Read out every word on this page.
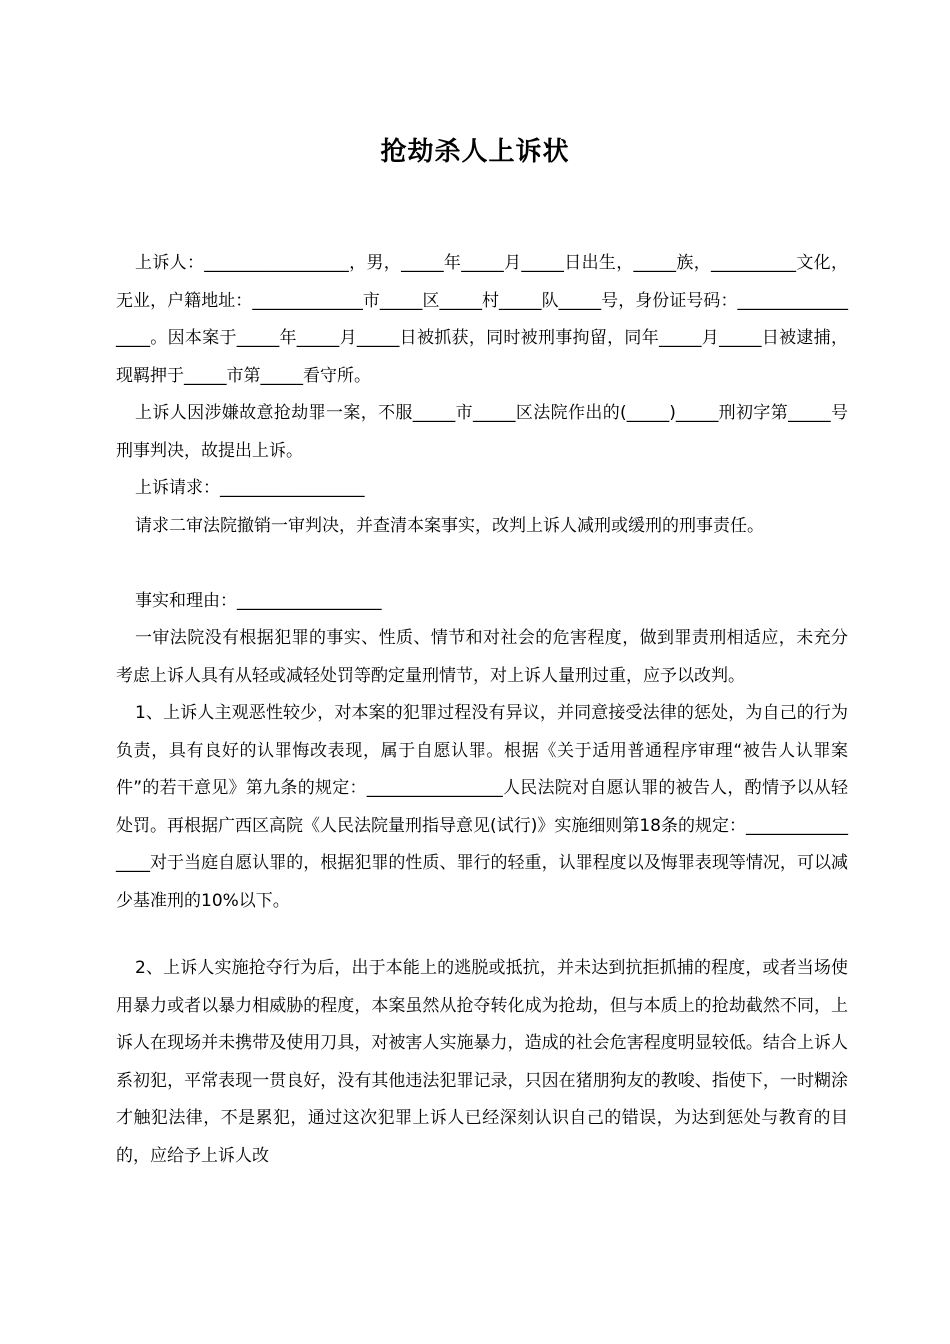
抢劫杀人上诉状

上诉人：_________________，男，_____年_____月_____日出生，_____族，__________文化，无业，户籍地址：_____________市_____区_____村_____队_____号，身份证号码：_________________。因本案于_____年_____月_____日被抓获，同时被刑事拘留，同年_____月_____日被逮捕，现羁押于_____市第_____看守所。

上诉人因涉嫌故意抢劫罪一案，不服_____市_____区法院作出的(_____)_____刑初字第_____号刑事判决，故提出上诉。

上诉请求：_________________

请求二审法院撤销一审判决，并查清本案事实，改判上诉人减刑或缓刑的刑事责任。

事实和理由：_________________

一审法院没有根据犯罪的事实、性质、情节和对社会的危害程度，做到罪责刑相适应，未充分考虑上诉人具有从轻或减轻处罚等酌定量刑情节，对上诉人量刑过重，应予以改判。

1、上诉人主观恶性较少，对本案的犯罪过程没有异议，并同意接受法律的惩处，为自己的行为负责，具有良好的认罪悔改表现，属于自愿认罪。根据《关于适用普通程序审理“被告人认罪案件”的若干意见》第九条的规定：________________人民法院对自愿认罪的被告人，酌情予以从轻处罚。再根据广西区高院《人民法院量刑指导意见(试行)》实施细则第18条的规定：________________对于当庭自愿认罪的，根据犯罪的性质、罪行的轻重，认罪程度以及悔罪表现等情况，可以减少基准刑的10%以下。

2、上诉人实施抢夺行为后，出于本能上的逃脱或抵抗，并未达到抗拒抓捕的程度，或者当场使用暴力或者以暴力相威胁的程度，本案虽然从抢夺转化成为抢劫，但与本质上的抢劫截然不同，上诉人在现场并未携带及使用刀具，对被害人实施暴力，造成的社会危害程度明显较低。结合上诉人系初犯，平常表现一贯良好，没有其他违法犯罪记录，只因在猪朋狗友的教唆、指使下，一时糊涂才触犯法律，不是累犯，通过这次犯罪上诉人已经深刻认识自己的错误，为达到惩处与教育的目的，应给予上诉人改
